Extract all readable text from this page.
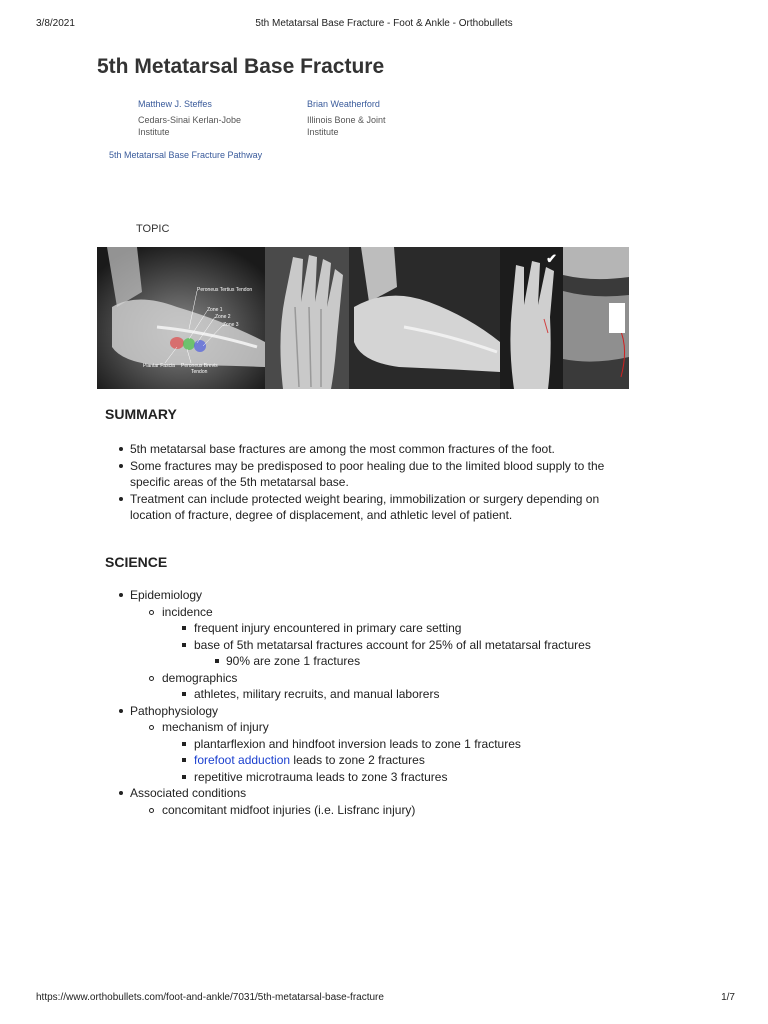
3/8/2021	5th Metatarsal Base Fracture - Foot & Ankle - Orthobullets
5th Metatarsal Base Fracture
Matthew J. Steffes
Cedars-Sinai Kerlan-Jobe
Institute
Brian Weatherford
Illinois Bone & Joint
Institute
5th Metatarsal Base Fracture Pathway
TOPIC
Peroneus Tertius Tendon
Zone 1
Zone 2
Zone 3
Plantar Fascia Peroneus Brevis
Tendon
✔
SUMMARY
5th metatarsal base fractures are among the most common fractures of the foot.
Some fractures may be predisposed to poor healing due to the limited blood supply to the specific areas of the 5th metatarsal base.
Treatment can include protected weight bearing, immobilization or surgery depending on location of fracture, degree of displacement, and athletic level of patient.
SCIENCE
Epidemiology
incidence
frequent injury encountered in primary care setting
base of 5th metatarsal fractures account for 25% of all metatarsal fractures
90% are zone 1 fractures
demographics
athletes, military recruits, and manual laborers
Pathophysiology
mechanism of injury
plantarflexion and hindfoot inversion leads to zone 1 fractures
forefoot adduction leads to zone 2 fractures
repetitive microtrauma leads to zone 3 fractures
Associated conditions
concomitant midfoot injuries (i.e. Lisfranc injury)
https://www.orthobullets.com/foot-and-ankle/7031/5th-metatarsal-base-fracture	1/7
